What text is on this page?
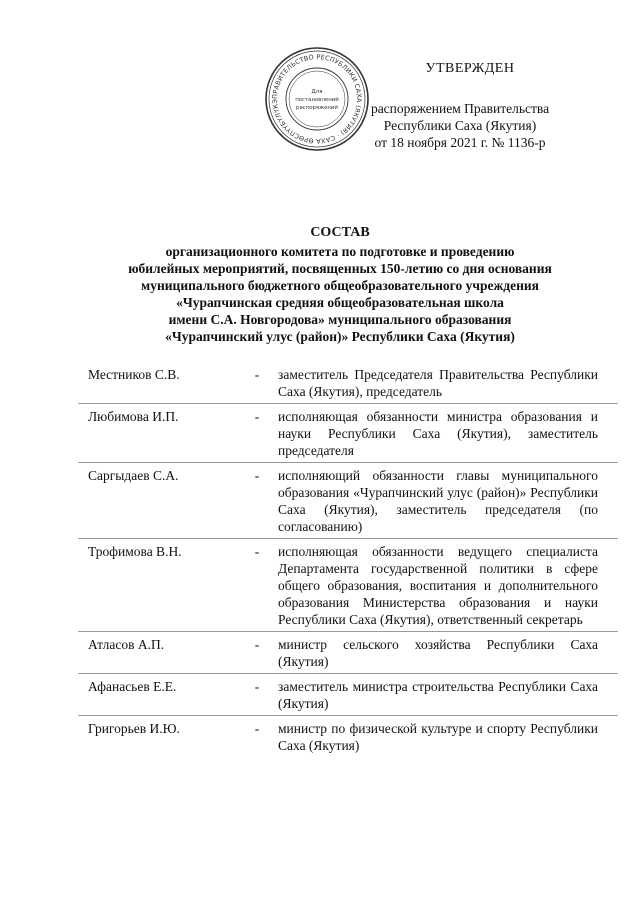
ПРАВИТЕЛЬСТВО РЕСПУБЛИКИ САХА (ЯКУТИЯ) · САХА ӨРӨСПҮҮБҮЛҮКЭ
Для
постановлений
распоряжений
УТВЕРЖДЕН
распоряжением Правительства
Республики Саха (Якутия)
от 18 ноября 2021 г. № 1136-р
СОСТАВ
организационного комитета по подготовке и проведению
юбилейных мероприятий, посвященных 150-летию со дня основания
муниципального бюджетного общеобразовательного учреждения
«Чурапчинская средняя общеобразовательная школа
имени С.А. Новгородова» муниципального образования
«Чурапчинский улус (район)» Республики Саха (Якутия)
Местников С.В.	-	заместитель Председателя Правительства Республики Саха (Якутия), председатель
Любимова И.П.	-	исполняющая обязанности министра образования и науки Республики Саха (Якутия), заместитель председателя
Саргыдаев С.А.	-	исполняющий обязанности главы муниципального образования «Чурапчинский улус (район)» Республики Саха (Якутия), заместитель председателя (по согласованию)
Трофимова В.Н.	-	исполняющая обязанности ведущего специалиста Департамента государственной политики в сфере общего образования, воспитания и дополнительного образования Министерства образования и науки Республики Саха (Якутия), ответственный секретарь
Атласов А.П.	-	министр сельского хозяйства Республики Саха (Якутия)
Афанасьев Е.Е.	-	заместитель министра строительства Республики Саха (Якутия)
Григорьев И.Ю.	-	министр по физической культуре и спорту Республики Саха (Якутия)
